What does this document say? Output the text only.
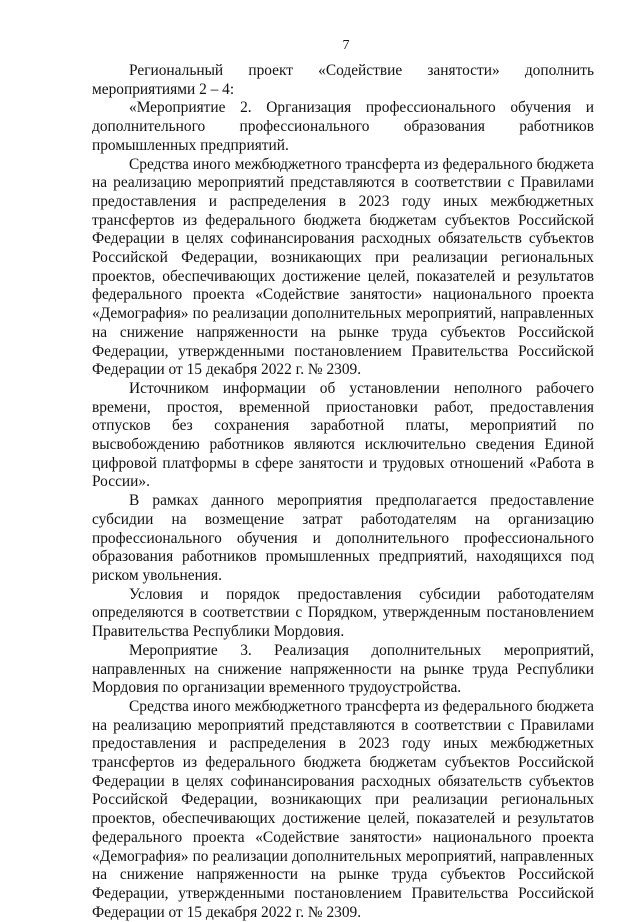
7

Региональный проект «Содействие занятости» дополнить мероприятиями 2 – 4:

«Мероприятие 2. Организация профессионального обучения и дополнительного профессионального образования работников промышленных предприятий.

Средства иного межбюджетного трансферта из федерального бюджета на реализацию мероприятий представляются в соответствии с Правилами предоставления и распределения в 2023 году иных межбюджетных трансфертов из федерального бюджета бюджетам субъектов Российской Федерации в целях софинансирования расходных обязательств субъектов Российской Федерации, возникающих при реализации региональных проектов, обеспечивающих достижение целей, показателей и результатов федерального проекта «Содействие занятости» национального проекта «Демография» по реализации дополнительных мероприятий, направленных на снижение напряженности на рынке труда субъектов Российской Федерации, утвержденными постановлением Правительства Российской Федерации от 15 декабря 2022 г. № 2309.

Источником информации об установлении неполного рабочего времени, простоя, временной приостановки работ, предоставления отпусков без сохранения заработной платы, мероприятий по высвобождению работников являются исключительно сведения Единой цифровой платформы в сфере занятости и трудовых отношений «Работа в России».

В рамках данного мероприятия предполагается предоставление субсидии на возмещение затрат работодателям на организацию профессионального обучения и дополнительного профессионального образования работников промышленных предприятий, находящихся под риском увольнения.

Условия и порядок предоставления субсидии работодателям определяются в соответствии с Порядком, утвержденным постановлением Правительства Республики Мордовия.

Мероприятие 3. Реализация дополнительных мероприятий, направленных на снижение напряженности на рынке труда Республики Мордовия по организации временного трудоустройства.

Средства иного межбюджетного трансферта из федерального бюджета на реализацию мероприятий представляются в соответствии с Правилами предоставления и распределения в 2023 году иных межбюджетных трансфертов из федерального бюджета бюджетам субъектов Российской Федерации в целях софинансирования расходных обязательств субъектов Российской Федерации, возникающих при реализации региональных проектов, обеспечивающих достижение целей, показателей и результатов федерального проекта «Содействие занятости» национального проекта «Демография» по реализации дополнительных мероприятий, направленных на снижение напряженности на рынке труда субъектов Российской Федерации, утвержденными постановлением Правительства Российской Федерации от 15 декабря 2022 г. № 2309.
